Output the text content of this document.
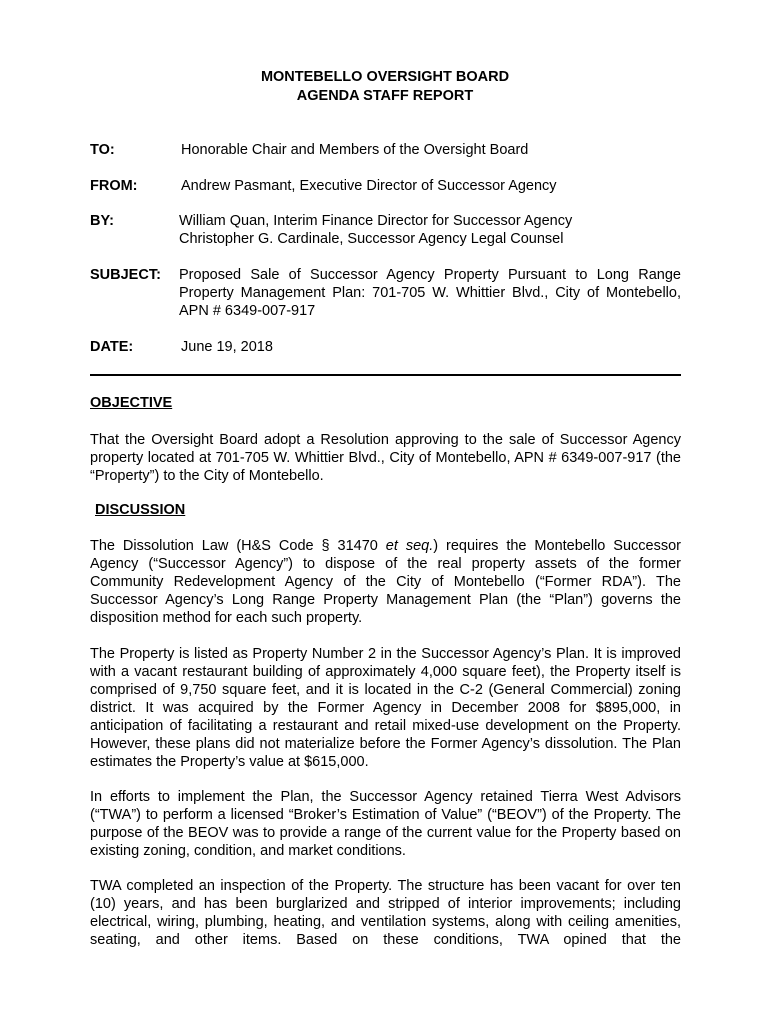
MONTEBELLO OVERSIGHT BOARD
AGENDA STAFF REPORT
TO:	Honorable Chair and Members of the Oversight Board
FROM:	Andrew Pasmant, Executive Director of Successor Agency
BY:	William Quan, Interim Finance Director for Successor Agency
Christopher G. Cardinale, Successor Agency Legal Counsel
SUBJECT: Proposed Sale of Successor Agency Property Pursuant to Long Range Property Management Plan: 701-705 W. Whittier Blvd., City of Montebello, APN # 6349-007-917
DATE:	June 19, 2018
OBJECTIVE

That the Oversight Board adopt a Resolution approving to the sale of Successor Agency property located at 701-705 W. Whittier Blvd., City of Montebello, APN # 6349-007-917 (the “Property”) to the City of Montebello.

DISCUSSION

The Dissolution Law (H&S Code § 31470 et seq.) requires the Montebello Successor Agency (“Successor Agency”) to dispose of the real property assets of the former Community Redevelopment Agency of the City of Montebello (“Former RDA”). The Successor Agency’s Long Range Property Management Plan (the “Plan”) governs the disposition method for each such property.

The Property is listed as Property Number 2 in the Successor Agency’s Plan. It is improved with a vacant restaurant building of approximately 4,000 square feet), the Property itself is comprised of 9,750 square feet, and it is located in the C-2 (General Commercial) zoning district. It was acquired by the Former Agency in December 2008 for $895,000, in anticipation of facilitating a restaurant and retail mixed-use development on the Property. However, these plans did not materialize before the Former Agency’s dissolution. The Plan estimates the Property’s value at $615,000.

In efforts to implement the Plan, the Successor Agency retained Tierra West Advisors (“TWA”) to perform a licensed “Broker’s Estimation of Value” (“BEOV”) of the Property. The purpose of the BEOV was to provide a range of the current value for the Property based on existing zoning, condition, and market conditions.

TWA completed an inspection of the Property. The structure has been vacant for over ten (10) years, and has been burglarized and stripped of interior improvements; including electrical, wiring, plumbing, heating, and ventilation systems, along with ceiling amenities, seating, and other items. Based on these conditions, TWA opined that the
